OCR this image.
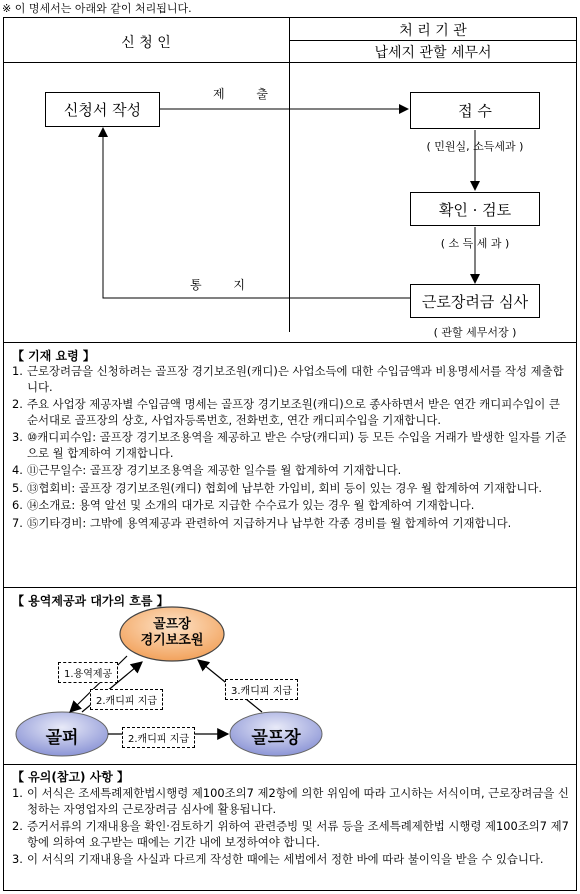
※ 이 명세서는 아래와 같이 처리됩니다.
신 청 인
처 리 기 관
납세지 관할 세무서
신청서 작성
제 출
접 수
( 민원실, 소득세과 )
확인 · 검토
( 소 득 세 과 )
근로장려금 심사
( 관할 세무서장 )
통 지
【 기재 요령 】
1. 근로장려금을 신청하려는 골프장 경기보조원(캐디)은 사업소득에 대한 수입금액과 비용명세서를 작성 제출합니다.
2. 주요 사업장 제공자별 수입금액 명세는 골프장 경기보조원(캐디)으로 종사하면서 받은 연간 캐디피수입이 큰 순서대로 골프장의 상호, 사업자등록번호, 전화번호, 연간 캐디피수입을 기재합니다.
3. ⑩캐디피수입: 골프장 경기보조용역을 제공하고 받은 수당(캐디피) 등 모든 수입을 거래가 발생한 일자를 기준으로 월 합계하여 기재합니다.
4. ⑪근무일수: 골프장 경기보조용역을 제공한 일수를 월 합계하여 기재합니다.
5. ⑬협회비: 골프장 경기보조원(캐디) 협회에 납부한 가입비, 회비 등이 있는 경우 월 합계하여 기재합니다.
6. ⑭소개료: 용역 알선 및 소개의 대가로 지급한 수수료가 있는 경우 월 합계하여 기재합니다.
7. ⑮기타경비: 그밖에 용역제공과 관련하여 지급하거나 납부한 각종 경비를 월 합계하여 기재합니다.
【 용역제공과 대가의 흐름 】
골프장
경기보조원
골퍼	골프장
1.용역제공
2.캐디피 지급
3.캐디피 지급
2.캐디피 지급
【 유의(참고) 사항 】
1. 이 서식은 조세특례제한법시행령 제100조의7 제2항에 의한 위임에 따라 고시하는 서식이며, 근로장려금을 신청하는 자영업자의 근로장려금 심사에 활용됩니다.
2. 증거서류의 기재내용을 확인·검토하기 위하여 관련증빙 및 서류 등을 조세특례제한법 시행령 제100조의7 제7항에 의하여 요구받는 때에는 기간 내에 보정하여야 합니다.
3. 이 서식의 기재내용을 사실과 다르게 작성한 때에는 세법에서 정한 바에 따라 불이익을 받을 수 있습니다.
